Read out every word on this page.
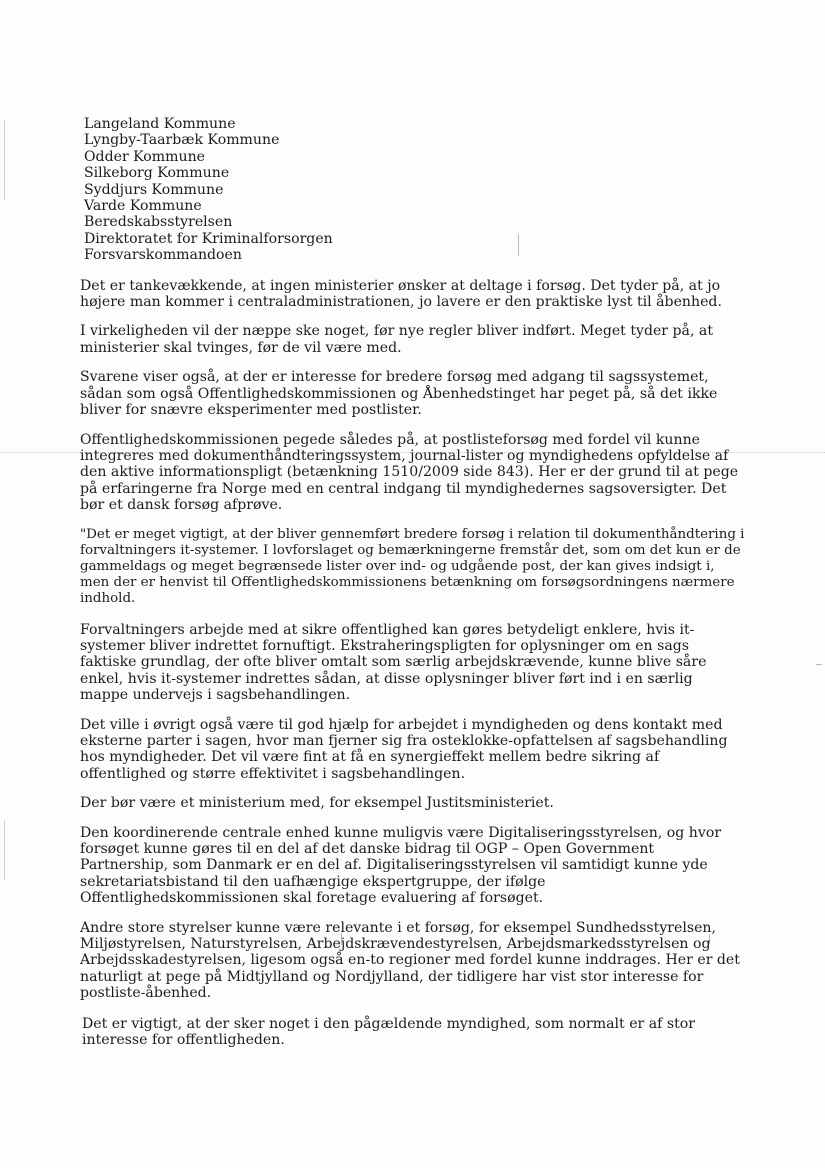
Langeland Kommune
Lyngby-Taarbæk Kommune
Odder Kommune
Silkeborg Kommune
Syddjurs Kommune
Varde Kommune
Beredskabsstyrelsen
Direktoratet for Kriminalforsorgen
Forsvarskommandoen

Det er tankevækkende, at ingen ministerier ønsker at deltage i forsøg. Det tyder på, at jo højere man kommer i centraladministrationen, jo lavere er den praktiske lyst til åbenhed.

I virkeligheden vil der næppe ske noget, før nye regler bliver indført. Meget tyder på, at ministerier skal tvinges, før de vil være med.

Svarene viser også, at der er interesse for bredere forsøg med adgang til sagssystemet, sådan som også Offentlighedskommissionen og Åbenhedstinget har peget på, så det ikke bliver for snævre eksperimenter med postlister.

Offentlighedskommissionen pegede således på, at postlisteforsøg med fordel vil kunne integreres med dokumenthåndteringssystem, journal-lister og myndighedens opfyldelse af den aktive informationspligt (betænkning 1510/2009 side 843). Her er der grund til at pege på erfaringerne fra Norge med en central indgang til myndighedernes sagsoversigter. Det bør et dansk forsøg afprøve.

"Det er meget vigtigt, at der bliver gennemført bredere forsøg i relation til dokumenthåndtering i forvaltningers it-systemer. I lovforslaget og bemærkningerne fremstår det, som om det kun er de gammeldags og meget begrænsede lister over ind- og udgående post, der kan gives indsigt i, men der er henvist til Offentlighedskommissionens betænkning om forsøgsordningens nærmere indhold.

Forvaltningers arbejde med at sikre offentlighed kan gøres betydeligt enklere, hvis it-systemer bliver indrettet fornuftigt. Ekstraheringspligten for oplysninger om en sags faktiske grundlag, der ofte bliver omtalt som særlig arbejdskrævende, kunne blive såre enkel, hvis it-systemer indrettes sådan, at disse oplysninger bliver ført ind i en særlig mappe undervejs i sagsbehandlingen.

Det ville i øvrigt også være til god hjælp for arbejdet i myndigheden og dens kontakt med eksterne parter i sagen, hvor man fjerner sig fra osteklokke-opfattelsen af sagsbehandling hos myndigheder. Det vil være fint at få en synergieffekt mellem bedre sikring af offentlighed og større effektivitet i sagsbehandlingen.

Der bør være et ministerium med, for eksempel Justitsministeriet.

Den koordinerende centrale enhed kunne muligvis være Digitaliseringsstyrelsen, og hvor forsøget kunne gøres til en del af det danske bidrag til OGP – Open Government Partnership, som Danmark er en del af. Digitaliseringsstyrelsen vil samtidigt kunne yde sekretariatsbistand til den uafhængige ekspertgruppe, der ifølge Offentlighedskommissionen skal foretage evaluering af forsøget.

Andre store styrelser kunne være relevante i et forsøg, for eksempel Sundhedsstyrelsen, Miljøstyrelsen, Naturstyrelsen, Arbejdskrævendestyrelsen, Arbejdsmarkedsstyrelsen og Arbejdsskadestyrelsen, ligesom også en-to regioner med fordel kunne inddrages. Her er det naturligt at pege på Midtjylland og Nordjylland, der tidligere har vist stor interesse for postliste-åbenhed.

Det er vigtigt, at der sker noget i den pågældende myndighed, som normalt er af stor interesse for offentligheden.
